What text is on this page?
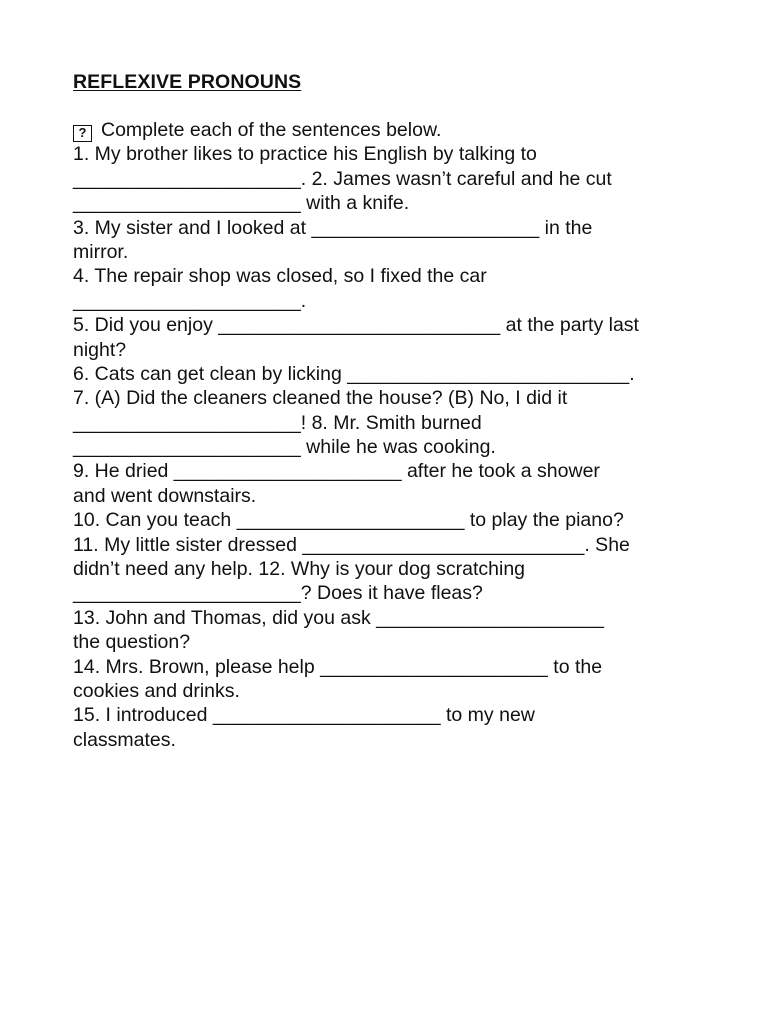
REFLEXIVE PRONOUNS
? Complete each of the sentences below.
1. My brother likes to practice his English by talking to
_____________________. 2. James wasn’t careful and he cut
_____________________ with a knife.
3. My sister and I looked at _____________________ in the
mirror.
4. The repair shop was closed, so I fixed the car
_____________________.
5. Did you enjoy __________________________ at the party last
night?
6. Cats can get clean by licking __________________________.
7. (A) Did the cleaners cleaned the house? (B) No, I did it
_____________________! 8. Mr. Smith burned
_____________________ while he was cooking.
9. He dried _____________________ after he took a shower
and went downstairs.
10. Can you teach _____________________ to play the piano?
11. My little sister dressed __________________________. She
didn’t need any help. 12. Why is your dog scratching
_____________________? Does it have fleas?
13. John and Thomas, did you ask _____________________
the question?
14. Mrs. Brown, please help _____________________ to the
cookies and drinks.
15. I introduced _____________________ to my new
classmates.
